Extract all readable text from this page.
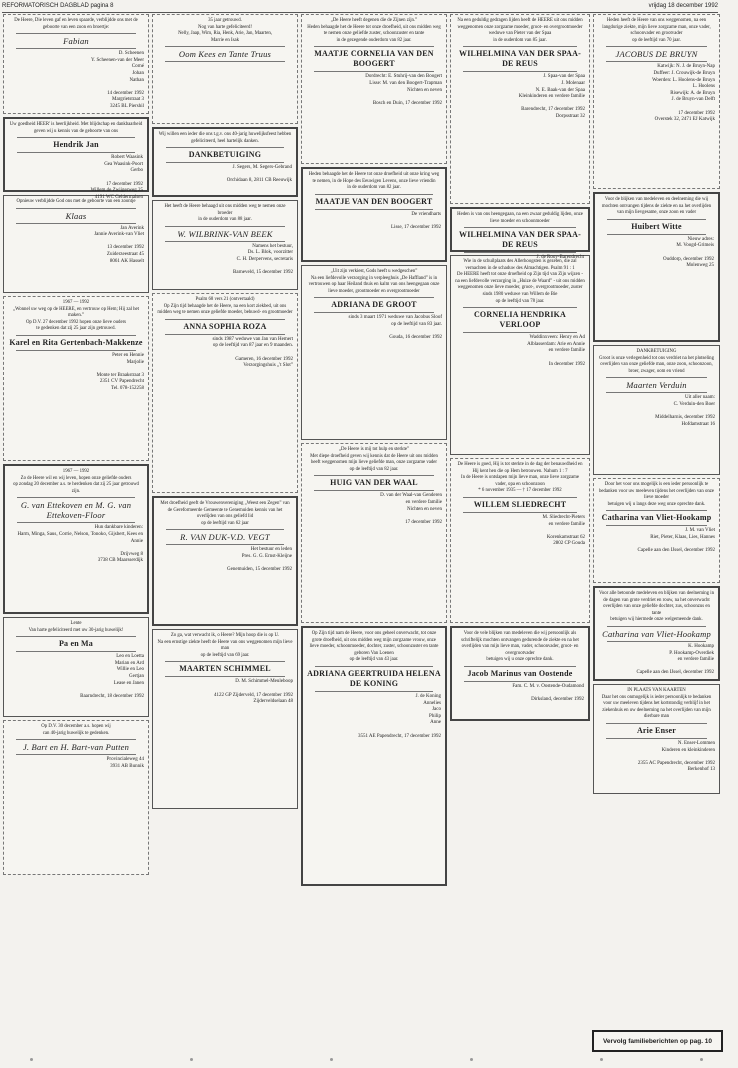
REFORMATORISCH DAGBLAD pagina 8	vrijdag 18 december 1992
De Heere, Die leven gaf en leven spaarde, verblijdde ons met de geboorte van een zoon en broertje:
Fabian
D. Scheenen
Y. Scheenen-van der Meer
Corné
Johan
Nathan

14 december 1992
Margrietstraat 3
3245 BL Piershil
Uw goedheid HEER' is heerlijkheid. Met blijdschap en dankbaarheid geven wij u kennis van de geboorte van ons
Hendrik Jan
Robert Waasink
Gea Waasink-Poort
Gerbo

17 december 1992
Willem de Zwijgerweg 25
4191 WC Geldermalsen
Opnieuw verblijdde God ons met de geboorte van een zoontje
Klaas
Jan Averink
Jannie Averink-van Vliet

13 december 1992
Zuiderzeestraat 45
8061 AK Hasselt
1967 — 1992
„Wonnel uw weg op de HEERE, en vertrouw op Hem; Hij zal het maken.”
Op D.V. 27 december 1992 hopen onze lieve ouders
te gedenken dat zij 25 jaar zijn getrouwd.
Karel en Rita Gertenbach-Makkenze
Peter en Hennie
Marjolie

Monte ter Braakstraat 3
2351 CV Papendrecht
Tel. 078-152258
1967 — 1992
Zo de Heere wil en wij leven, hopen onze geliefde ouders
op zondag 20 december a.s. te herdenken dat zij 25 jaar getrouwd zijn.
G. van Ettekoven en M. G. van Ettekoven-Floor
Hun dankbare kinderen:
Harm, Minga, Saus, Corrie, Nelson, Tonoko, Gijsbert, Kees en Annie

Drijvweg 8
3738 CB Maarsserdijk
Lente
Van harte gefeliciteerd met uw 30-jarig huwelijk!
Pa en Ma
Leo en Loetta
Marian en Ard
Willie en Leo
Gertjan
Lease en Janen

Baarndrecht, 18 december 1992
Op D.V. 30 december a.s. hopen wij
can 40-jarig huwelijk te gedenken.
J. Bart en H. Bart-van Putten
Provincialeweg 44
3931 AB Bunnik
35 jaar getrouwd.
Nog van harte gefeliciteerd!
Nelly, Jaap, Wim, Ria, Henk, Arie, Jan, Maarten,
Marrie en Isak
Oom Kees en Tante Truus
Wij willen een ieder die ons t.g.v. ons 40-jarig huwelijksfeest hebben gefeliciteerd, heel hartelijk danken.
DANKBETUIGING
J. Segers, M. Segers-Gebrand

Orchidaan 8, 2811 CB Reeuwijk
Het heeft de Heere behaagd uit ons midden weg te nemen onze broeder
in de ouderdom van 88 jaar.
W. WILBRINK-VAN BEEK
Namens het bestuur,
Ds. L. Blok, voorzitter
C. H. Derpervens, secretaris

Barneveld, 15 december 1992
Psalm 68 vers 21 (ontvertaald)
Op Zijn tijd behaagde het de Heere, na een kort ziekbed, uit ons midden weg te nemen onze geliefde moeder, behuwd- en grootmoeder
ANNA SOPHIA ROZA
sinds 1987 weduwe van Jan van Hemert
op de leeftijd van 87 jaar en 9 maanden.

Gameren, 16 december 1992
Verzorgingshuis „'t Slot”
Met droefheid geeft de Vrouwenvereniging „Weest een Zegen” van de Gereformeerde Gemeente te Genemuiden kennis van het overlijden van ons geliefd lid
op de leeftijd van 62 jaar
R. VAN DUK-V.D. VEGT
Het bestuur en leden
Pres. G. G. Ernst-Kleijne

Genemuiden, 15 december 1992
Zo ga, wat verwacht ik, o Heere? Mijn hoop die is op U.
Na een ernstige ziekte heeft de Heere van ons weggenomen mijn lieve man
op de leeftijd van 69 jaar.
MAARTEN SCHIMMEL
D. M. Schimmel-Meuleboop

4122 GP Zijderveld, 17 december 1992
Zijderveldselaan 48
„De Heere heeft degenen die de Zijnen zijn.”
Heden behaagde het de Heere tot onze droefheid, uit ons midden weg te nemen onze geliefde zuster, schoonzuster en tante
in de gezegende ouderdom van 82 jaar.
MAATJE CORNELIA VAN DEN BOOGERT
Dordrecht: E. Stuhrij-van den Boogert
Lisse: M. van den Boogert-Trapman
Nichten en neven

Bosch en Duin, 17 december 1992
Heden behaagde het de Heere tot onze droefheid uit onze kring weg te nemen, in de Hope des Eeuwigen Levens, onze lieve vriendin
in de ouderdom van 82 jaar.
MAATJE VAN DEN BOOGERT
De vriendharts

Lisse, 17 december 1992
„Uit zijn verkiest, Gods heeft u wedgeschen”
Na een liefdevolle verzorging in verpleeghuis „De Haffland” is in vertrouwen op haar Heiland thuis en kalm van ons heengegaan onze lieve moeder, grootmoeder en overgrootmoeder
ADRIANA DE GROOT
sinds 3 maart 1971 weduwe van Jacobus Sloof
op de leeftijd van 83 jaar.

Gouda, 16 december 1992
„De Heere is mij tot hulp en sterkte”
Met diepe droefheid geven wij kennis dat de Heere uit ons midden heeft weggenomen mijn lieve geliefde man, onze zorgzame vader
op de leeftijd van 82 jaar.
HUIG VAN DER WAAL
D. van der Waal-van Genderen
en verdere familie
Nichten en neven

17 december 1992
Op Zijn tijd nam de Heere, voor ons geheel onverwacht, tot onze grote droefheid, uit ons midden weg mijn zorgzame vrouw, onze lieve moeder, schoonmoeder, dochter, zuster, schoonzuster en tante
geboren Van Loenen
op de leeftijd van 43 jaar.
ADRIANA GEERTRUIDA HELENA DE KONING
J. de Koning
Annelies
Jaco
Philip
Anne

3551 AE Papendrecht, 17 december 1992
Na een geduldig gedragen lijden heeft de HEERE uit ons midden weggenomen onze zorgzame moeder, groot- en overgrootmoeder
weduwe van Pieter van der Spaa
in de ouderdom van 85 jaar.
WILHELMINA VAN DER SPAA-DE REUS
J. Spaa-van der Spaa
J. Molenaar
N. E. Baak-van der Spaa
Kleinkinderen en verdere familie

Barendrecht, 17 december 1992
Dorpsstraat 32
Heden is van ons heengegaan, na een zwaar geduldig lijden, onze lieve moeder en schoonmoeder
WILHELMINA VAN DER SPAA-DE REUS
J. de Rooy-Barendrecht
Wie in de schuilplaats des Allerhoogsten is gezeten, die zal vernachten in de schaduw des Almachtigen. Psalm 91 : 1
De HEERE heeft tot onze droefheid op Zijn tijd van Zijn wijzen - na een liefdevolle verzorging in „Huize de Waard” - uit ons midden weggenomen onze lieve moeder, groot-, overgrootmoeder, zuster
sinds 1980 weduwe van Willem de Bie
op de leeftijd van 78 jaar.
CORNELIA HENDRIKA VERLOOP
Waddinxveen: Henry en Ad
Alblasserdam: Arie en Annie
en verdere familie

In december 1992
De Heere is goed, Hij is tot sterkte in de dag der benauwdheid en Hij kent hen die op Hem betrouwen. Nahum 1 : 7
In de Heere is ontslapen mijn lieve man, onze lieve zorgzame vader, opa en schoonzoon
* 6 november 1935 — † 17 december 1992
WILLEM SLIEDRECHT
M. Sliedrecht-Pieters
en verdere familie

Korenkamstraat 62
2802 CP Gouda
Voor de vele blijken van medeleven die wij persoonlijk als schriftelijk mochten ontvangen gedurende de ziekte en na het overlijden van mijn lieve man, vader, schoonvader, groot- en overgrootvader
betuigen wij u onze oprechte dank.
Jacob Marinus van Oostende
Fam. C. M. v. Oostende-Oudamond

Dirksland, december 1992
Heden heeft de Heere van ons weggenomen, na een langdurige ziekte, mijn lieve zorgzame man, onze vader, schoonvader en grootvader
op de leeftijd van 70 jaar.
JACOBUS DE BRUYN
Katwijk: N. J. de Bruyn-Nap
Duffeer: J. Crouwijk-de Bruyn
Woerden: L. Hoolens-de Bruyn
L. Hoolens
Risewijk: A. de Bruyn
J. de Bruyn-van Delft

17 december 1992
Overstek 32, 2471 EJ Katwijk
Voor de blijken van medeleven en deelneming die wij mochten ontvangen tijdens de ziekte en na het overlijden van mijn lievgesame, onze zoon en vader
Huibert Witte
Nieuw adres:
M. Voogd-Grimeis

Ouddorp, december 1992
Molenweg 25
DANKBETUIGING
Groot is onze verlegenheid tot ons verdriet na het plotseling overlijden van onze geliefde man, onze zoon, schoonzoon, broer, zwager, oom en vriend
Maarten Verduin
Uit aller naam:
C. Verduin-den Boer

Middelharnis, december 1992
Hofdamstraat 16
Door het voor ons mogelijk is een ieder persoonlijk te bedanken voor uw meeleven tijdens het overlijden van onze lieve moeder
betuigen wij u langs deze weg onze oprechte dank.
Catharina van Vliet-Hookamp
J. M. van Vliet
Riet, Pieter, Klaas, Lies, Hannes

Capelle aan den IJssel, december 1992
Voor alle betoonde medeleven en blijken van deelneming in de dagen van grote verdriet en rouw, na het onverwacht overlijden van onze geliefde dochter, zus, schoonzus en tante
betuigen wij hiermede onze welgemeende dank.
Catharina van Vliet-Hookamp
K. Hookamp
P. Hookamp-Overdiek
en verdere familie

Capelle aan den IJssel, december 1992
IN PLAATS VAN KAARTEN
Daar het ons onmogelijk is ieder persoonlijk te bedanken voor uw meeleven tijdens het kortstondig verblijf in het ziekenhuis en uw deelneming na het overlijden van mijn dierbare man
Arie Enser
N. Enser-Lommen
Kinderen en kleinkinderen

2355 AC Papendrecht, december 1992
Berkenhof 13
Vervolg familieberichten op pag. 10
